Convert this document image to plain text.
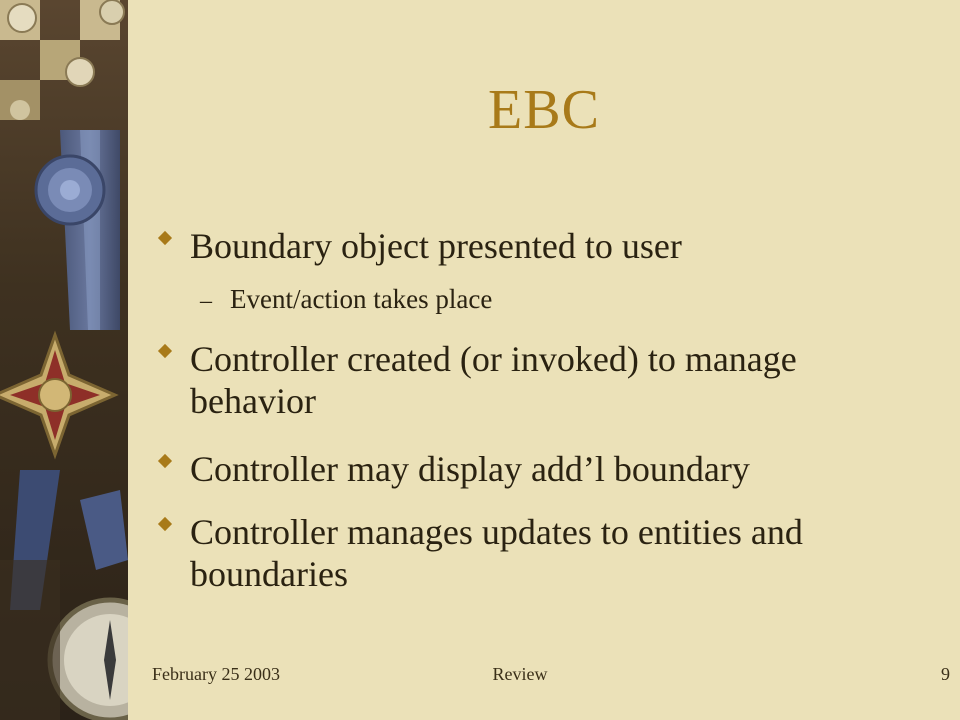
EBC
Boundary object presented to user
– Event/action takes place
Controller created (or invoked) to manage behavior
Controller may display add’l boundary
Controller manages updates to entities and boundaries
February 25 2003	Review	9
